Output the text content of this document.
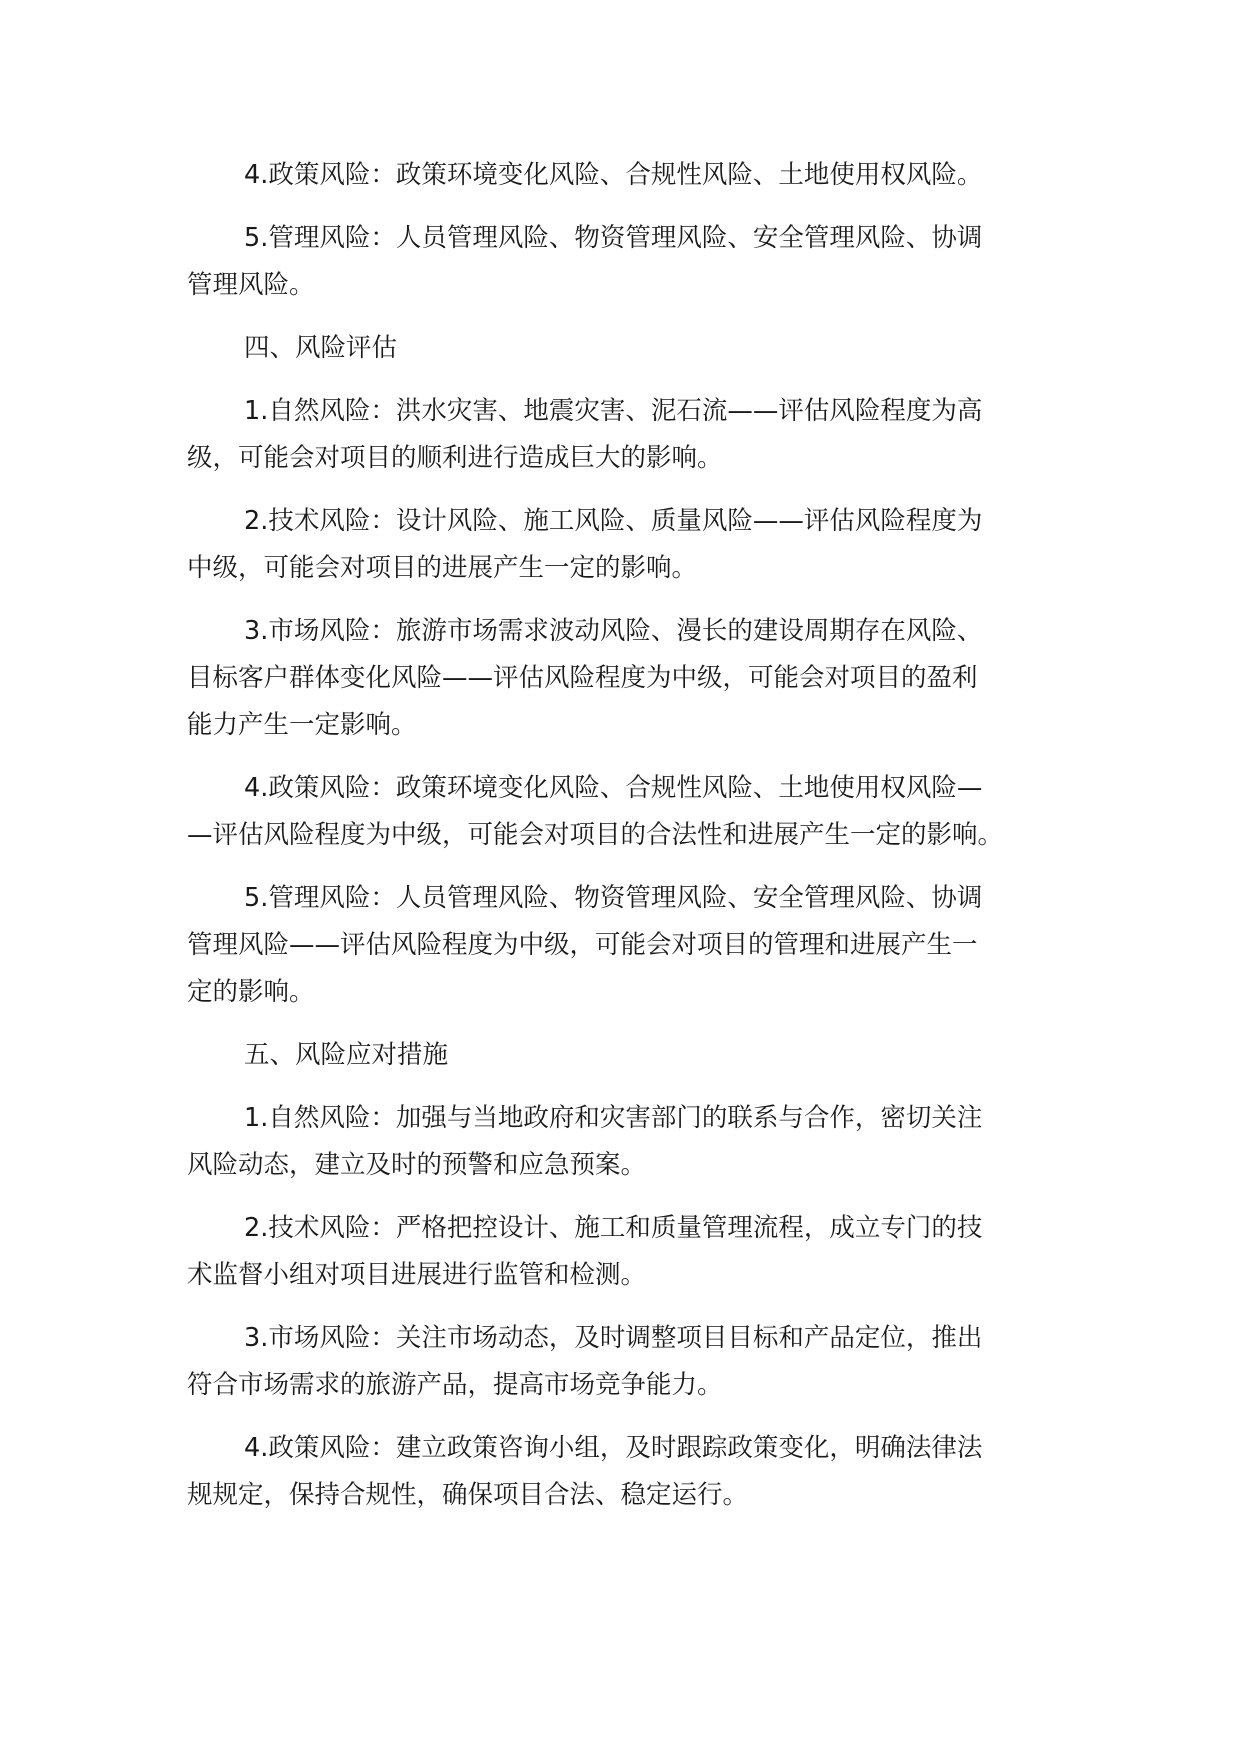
4.政策风险：政策环境变化风险、合规性风险、土地使用权风险。

5.管理风险：人员管理风险、物资管理风险、安全管理风险、协调
管理风险。

四、风险评估

1.自然风险：洪水灾害、地震灾害、泥石流——评估风险程度为高
级，可能会对项目的顺利进行造成巨大的影响。

2.技术风险：设计风险、施工风险、质量风险——评估风险程度为
中级，可能会对项目的进展产生一定的影响。

3.市场风险：旅游市场需求波动风险、漫长的建设周期存在风险、
目标客户群体变化风险——评估风险程度为中级，可能会对项目的盈利
能力产生一定影响。

4.政策风险：政策环境变化风险、合规性风险、土地使用权风险—
—评估风险程度为中级，可能会对项目的合法性和进展产生一定的影响。

5.管理风险：人员管理风险、物资管理风险、安全管理风险、协调
管理风险——评估风险程度为中级，可能会对项目的管理和进展产生一
定的影响。

五、风险应对措施

1.自然风险：加强与当地政府和灾害部门的联系与合作，密切关注
风险动态，建立及时的预警和应急预案。

2.技术风险：严格把控设计、施工和质量管理流程，成立专门的技
术监督小组对项目进展进行监管和检测。

3.市场风险：关注市场动态，及时调整项目目标和产品定位，推出
符合市场需求的旅游产品，提高市场竞争能力。

4.政策风险：建立政策咨询小组，及时跟踪政策变化，明确法律法
规规定，保持合规性，确保项目合法、稳定运行。
